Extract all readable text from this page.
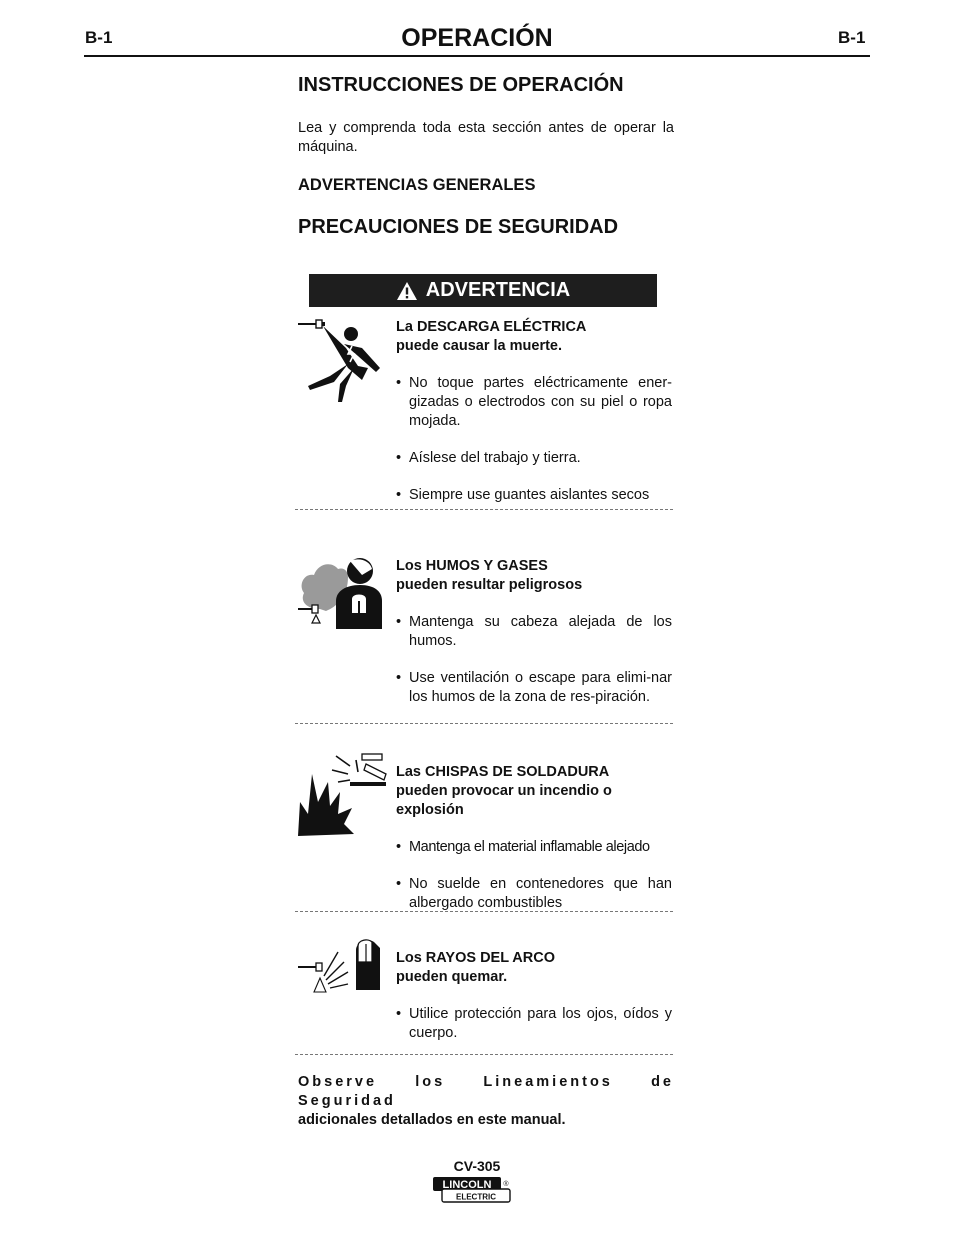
B-1	OPERACIÓN	B-1
INSTRUCCIONES DE OPERACIÓN
Lea y comprenda toda esta sección antes de operar la máquina.
ADVERTENCIAS GENERALES
PRECAUCIONES DE SEGURIDAD
ADVERTENCIA
La DESCARGA ELÉCTRICA
puede causar la muerte.
• No toque partes eléctricamente ener-gizadas o electrodos con su piel o ropa mojada.
• Aíslese del trabajo y tierra.
• Siempre use guantes aislantes secos
Los HUMOS Y GASES
pueden resultar peligrosos
• Mantenga su cabeza alejada de los humos.
• Use ventilación o escape para elimi-nar los humos de la zona de res-piración.
Las CHISPAS DE SOLDADURA
pueden provocar un incendio o
explosión
• Mantenga el material inflamable alejado
• No suelde en contenedores que han albergado combustibles
Los RAYOS DEL ARCO
pueden quemar.
• Utilice protección para los ojos, oídos y cuerpo.
Observe los Lineamientos de Seguridad
adicionales detallados en este manual.
CV-305
LINCOLN
ELECTRIC
®
